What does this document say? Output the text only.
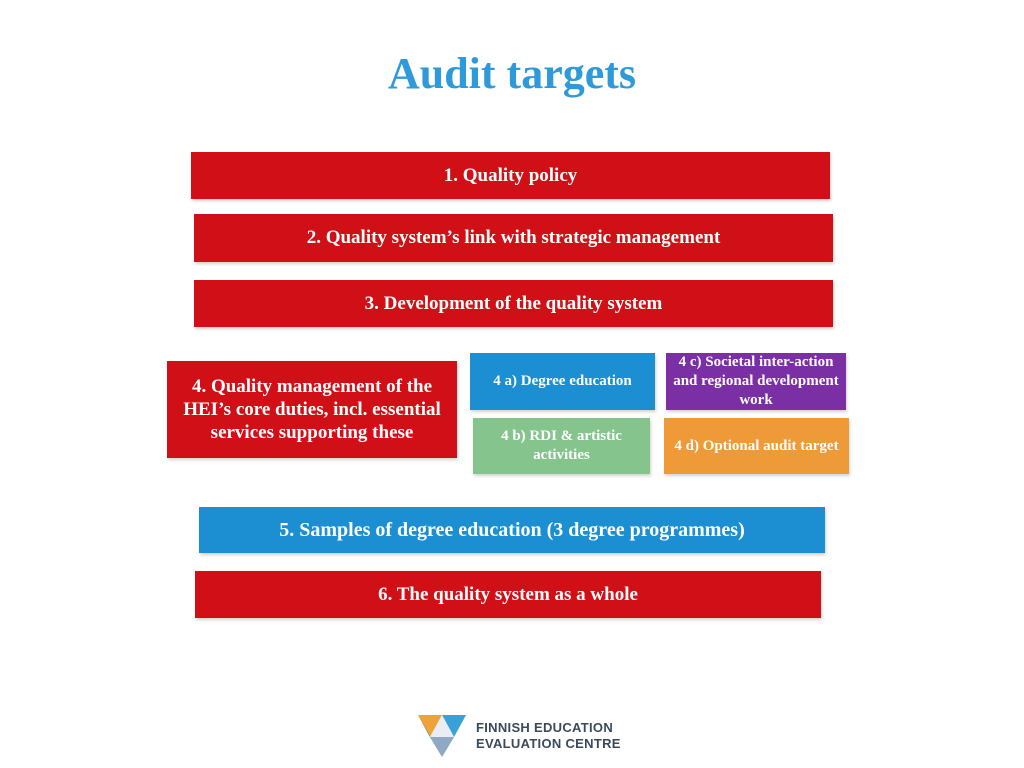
Audit targets
1. Quality policy
2. Quality system’s link with strategic management
3. Development of the quality system
4. Quality management of the HEI’s core duties, incl. essential services supporting these
4 a) Degree education
4 c) Societal inter-action and regional development work
4 b) RDI & artistic activities
4 d) Optional audit target
5. Samples of degree education (3 degree programmes)
6. The quality system as a whole
FINNISH EDUCATION
EVALUATION CENTRE
